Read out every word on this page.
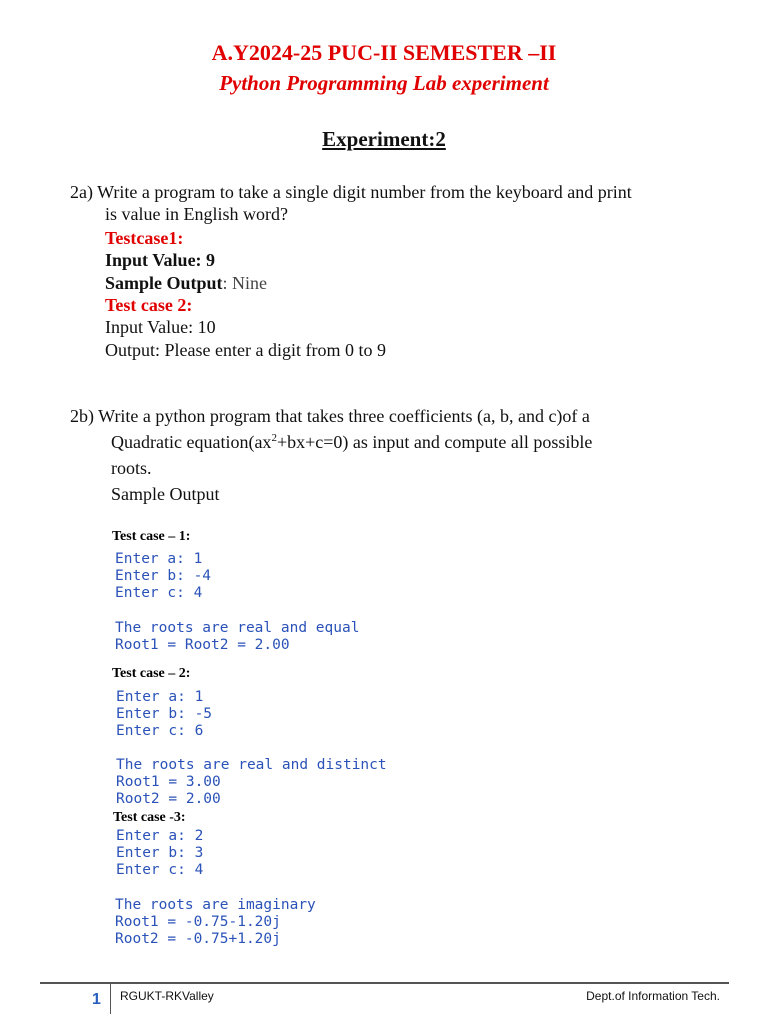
A.Y2024-25 PUC-II SEMESTER –II
Python Programming Lab experiment
Experiment:2
2a) Write a program to take a single digit number from the keyboard and print
is value in English word?
Testcase1:
Input Value: 9
Sample Output: Nine
Test case 2:
Input Value: 10
Output: Please enter a digit from 0 to 9
2b) Write a python program that takes three coefficients (a, b, and c)of a
Quadratic $equation(ax^2+bx+c=0)$ as input and compute all possible
roots.
Sample Output
Test case – 1:
Enter a: 1
Enter b: -4
Enter c: 4
The roots are real and equal
Root1 = Root2 = 2.00
Test case – 2:
Enter a: 1
Enter b: -5
Enter c: 6
The roots are real and distinct
Root1 = 3.00
Root2 = 2.00
Test case -3:
Enter a: 2
Enter b: 3
Enter c: 4
The roots are imaginary
Root1 = -0.75-1.20j
Root2 = -0.75+1.20j
1 RGUKT-RKValley	Dept.of Information Tech.
